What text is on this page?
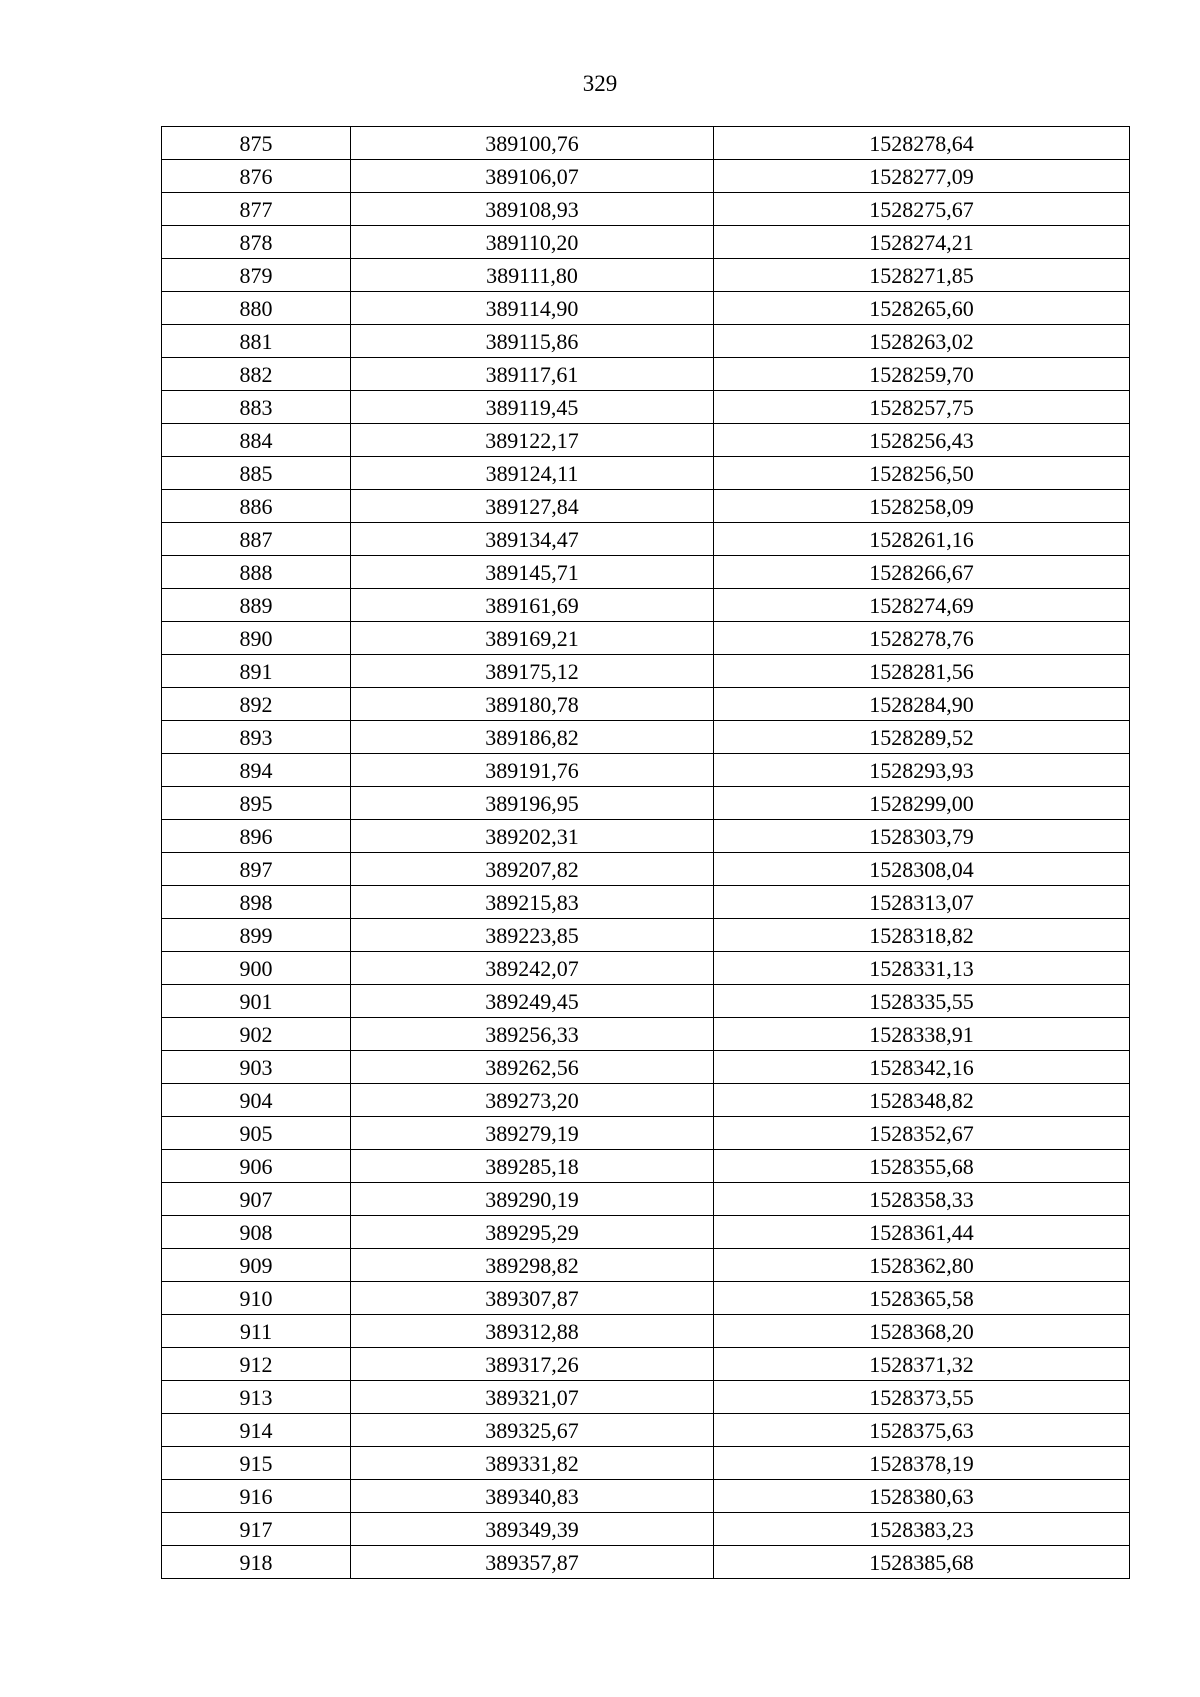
329
875	389100,76	1528278,64
876	389106,07	1528277,09
877	389108,93	1528275,67
878	389110,20	1528274,21
879	389111,80	1528271,85
880	389114,90	1528265,60
881	389115,86	1528263,02
882	389117,61	1528259,70
883	389119,45	1528257,75
884	389122,17	1528256,43
885	389124,11	1528256,50
886	389127,84	1528258,09
887	389134,47	1528261,16
888	389145,71	1528266,67
889	389161,69	1528274,69
890	389169,21	1528278,76
891	389175,12	1528281,56
892	389180,78	1528284,90
893	389186,82	1528289,52
894	389191,76	1528293,93
895	389196,95	1528299,00
896	389202,31	1528303,79
897	389207,82	1528308,04
898	389215,83	1528313,07
899	389223,85	1528318,82
900	389242,07	1528331,13
901	389249,45	1528335,55
902	389256,33	1528338,91
903	389262,56	1528342,16
904	389273,20	1528348,82
905	389279,19	1528352,67
906	389285,18	1528355,68
907	389290,19	1528358,33
908	389295,29	1528361,44
909	389298,82	1528362,80
910	389307,87	1528365,58
911	389312,88	1528368,20
912	389317,26	1528371,32
913	389321,07	1528373,55
914	389325,67	1528375,63
915	389331,82	1528378,19
916	389340,83	1528380,63
917	389349,39	1528383,23
918	389357,87	1528385,68
